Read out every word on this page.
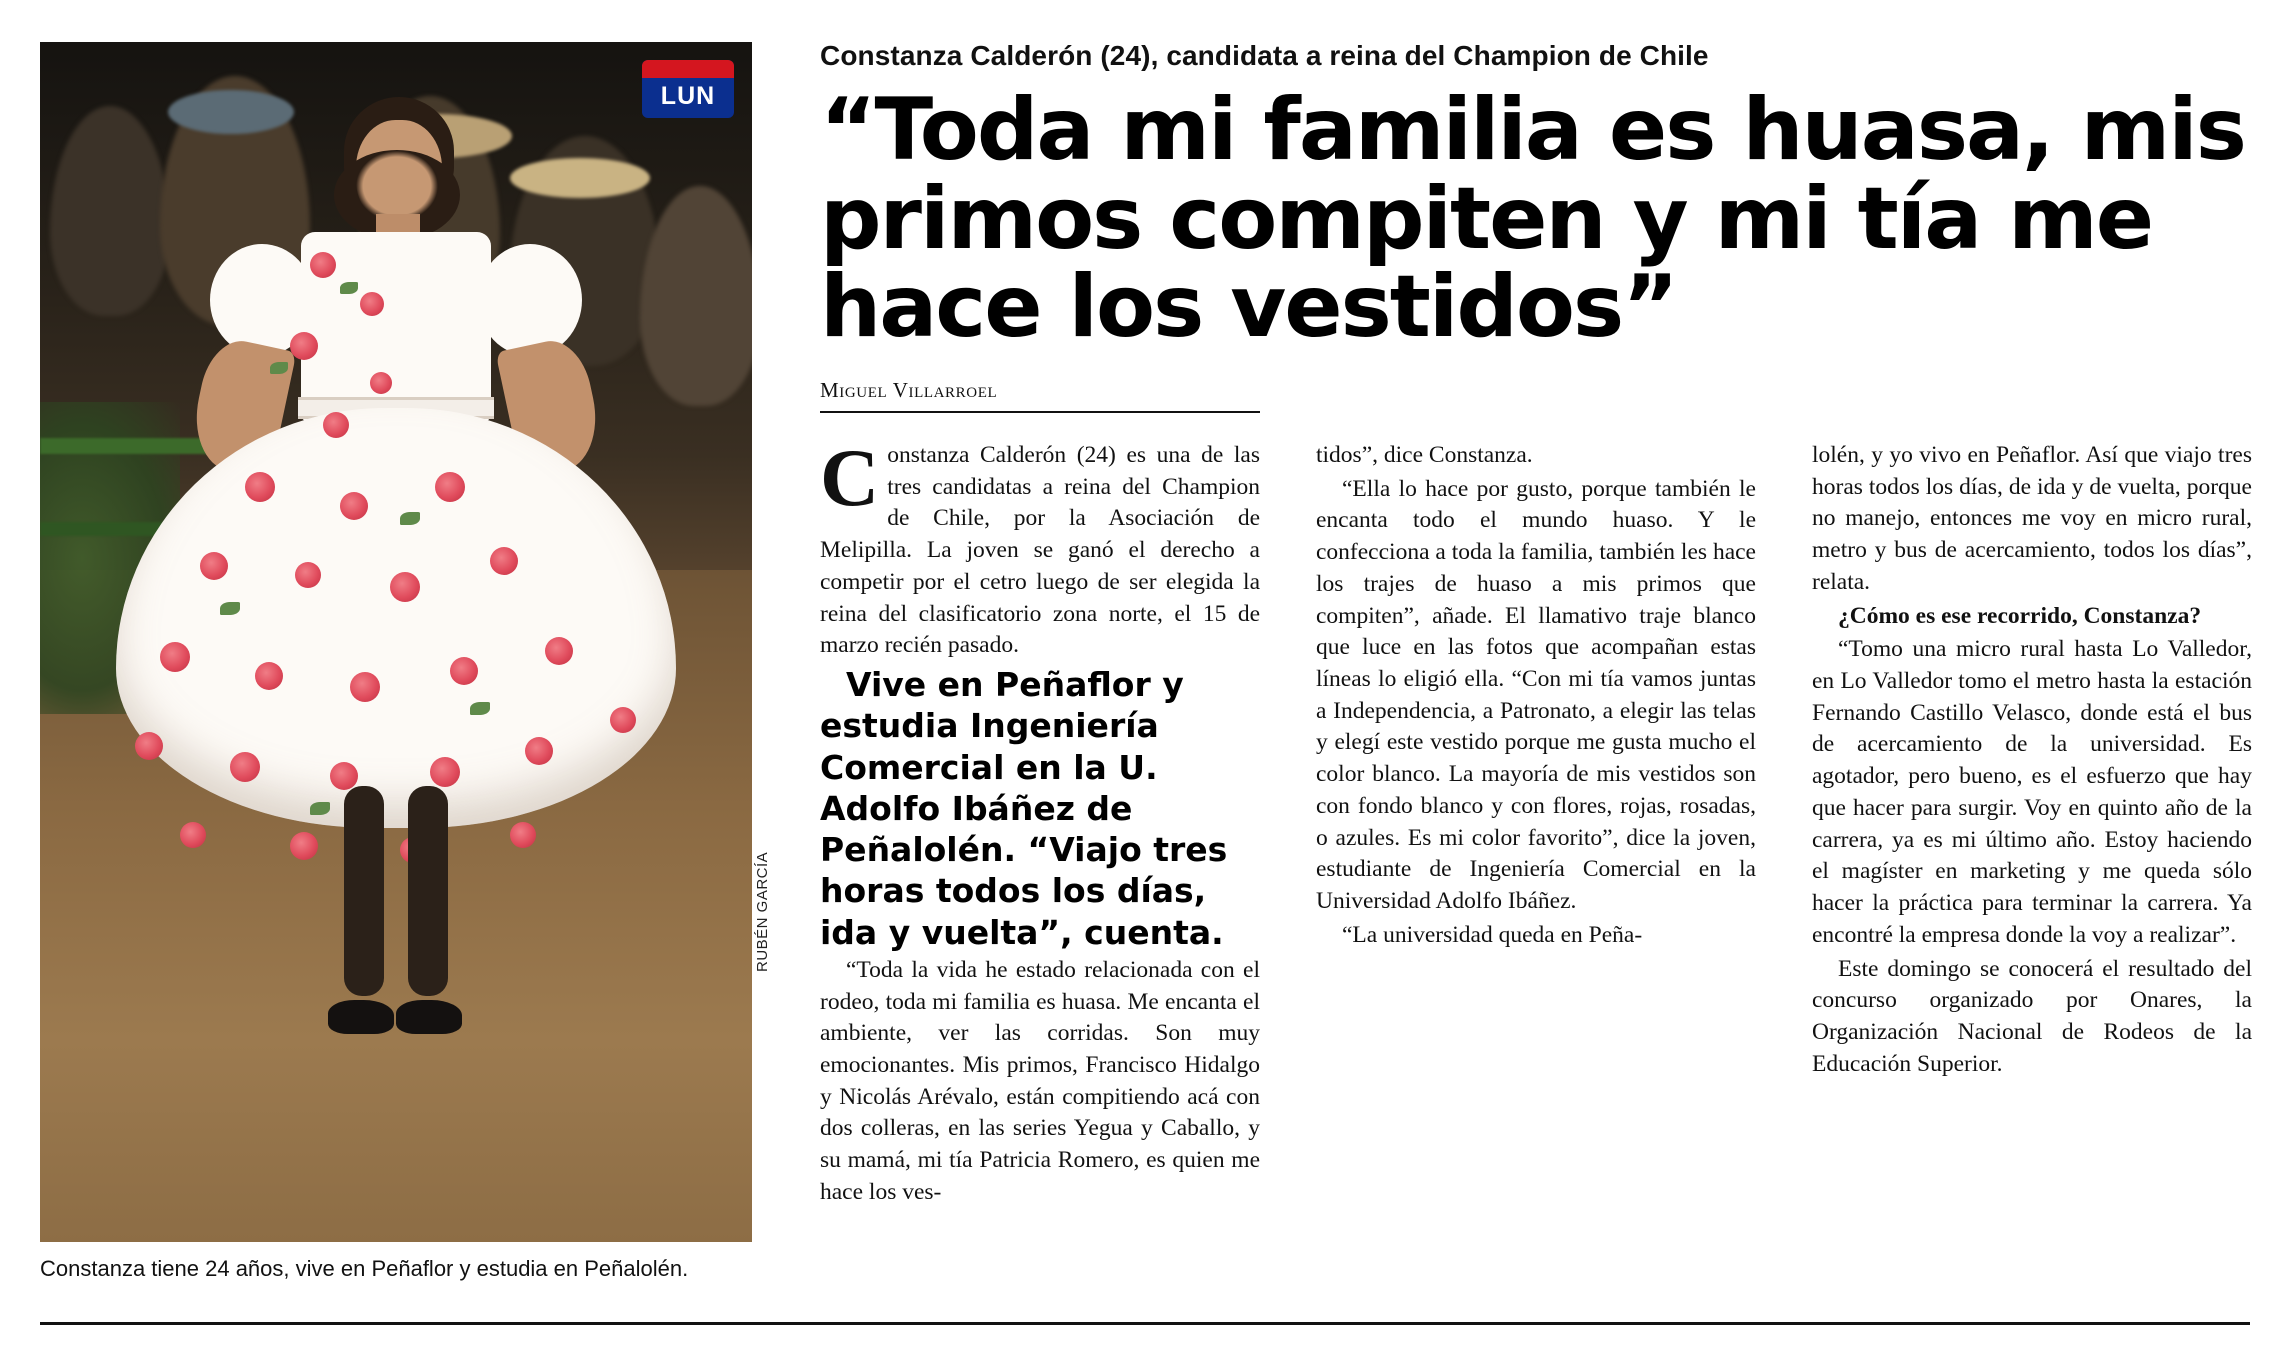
LUN
RUBÉN GARCÍA
Constanza tiene 24 años, vive en Peñaflor y estudia en Peñalolén.
Constanza Calderón (24), candidata a reina del Champion de Chile
“Toda mi familia es huasa, mis primos compiten y mi tía me hace los vestidos”
Miguel Villarroel

Constanza Calderón (24) es una de las tres candidatas a reina del Champion de Chile, por la Asociación de Melipilla. La joven se ganó el derecho a competir por el cetro luego de ser elegida la reina del clasificatorio zona norte, el 15 de marzo recién pasado.

Vive en Peñaflor y estudia Ingeniería Comercial en la U. Adolfo Ibáñez de Peñalolén. “Viajo tres horas todos los días, ida y vuelta”, cuenta.

“Toda la vida he estado relacionada con el rodeo, toda mi familia es huasa. Me encanta el ambiente, ver las corridas. Son muy emocionantes. Mis primos, Francisco Hidalgo y Nicolás Arévalo, están compitiendo acá con dos colleras, en las series Yegua y Caballo, y su mamá, mi tía Patricia Romero, es quien me hace los ves-

tidos”, dice Constanza.

“Ella lo hace por gusto, porque también le encanta todo el mundo huaso. Y le confecciona a toda la familia, también les hace los trajes de huaso a mis primos que compiten”, añade. El llamativo traje blanco que luce en las fotos que acompañan estas líneas lo eligió ella. “Con mi tía vamos juntas a Independencia, a Patronato, a elegir las telas y elegí este vestido porque me gusta mucho el color blanco. La mayoría de mis vestidos son con fondo blanco y con flores, rojas, rosadas, o azules. Es mi color favorito”, dice la joven, estudiante de Ingeniería Comercial en la Universidad Adolfo Ibáñez.

“La universidad queda en Peña-

lolén, y yo vivo en Peñaflor. Así que viajo tres horas todos los días, de ida y de vuelta, porque no manejo, entonces me voy en micro rural, metro y bus de acercamiento, todos los días”, relata.

¿Cómo es ese recorrido, Constanza?

“Tomo una micro rural hasta Lo Valledor, en Lo Valledor tomo el metro hasta la estación Fernando Castillo Velasco, donde está el bus de acercamiento de la universidad. Es agotador, pero bueno, es el esfuerzo que hay que hacer para surgir. Voy en quinto año de la carrera, ya es mi último año. Estoy haciendo el magíster en marketing y me queda sólo hacer la práctica para terminar la carrera. Ya encontré la empresa donde la voy a realizar”.

Este domingo se conocerá el resultado del concurso organizado por Onares, la Organización Nacional de Rodeos de la Educación Superior.
